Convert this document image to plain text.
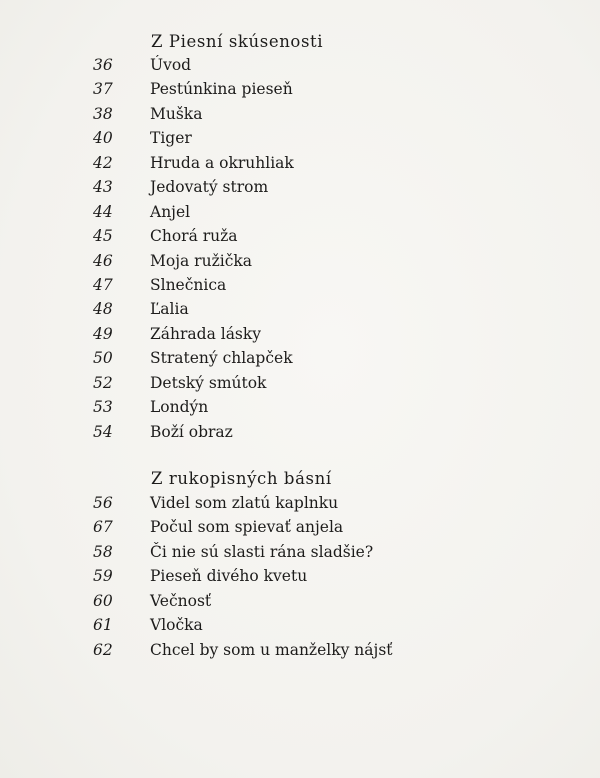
Z Piesní skúsenosti
36	Úvod
37	Pestúnkina pieseň
38	Muška
40	Tiger
42	Hruda a okruhliak
43	Jedovatý strom
44	Anjel
45	Chorá ruža
46	Moja ružička
47	Slnečnica
48	Ľalia
49	Záhrada lásky
50	Stratený chlapček
52	Detský smútok
53	Londýn
54	Boží obraz
Z rukopisných básní
56	Videl som zlatú kaplnku
67	Počul som spievať anjela
58	Či nie sú slasti rána sladšie?
59	Pieseň divého kvetu
60	Večnosť
61	Vločka
62	Chcel by som u manželky nájsť
